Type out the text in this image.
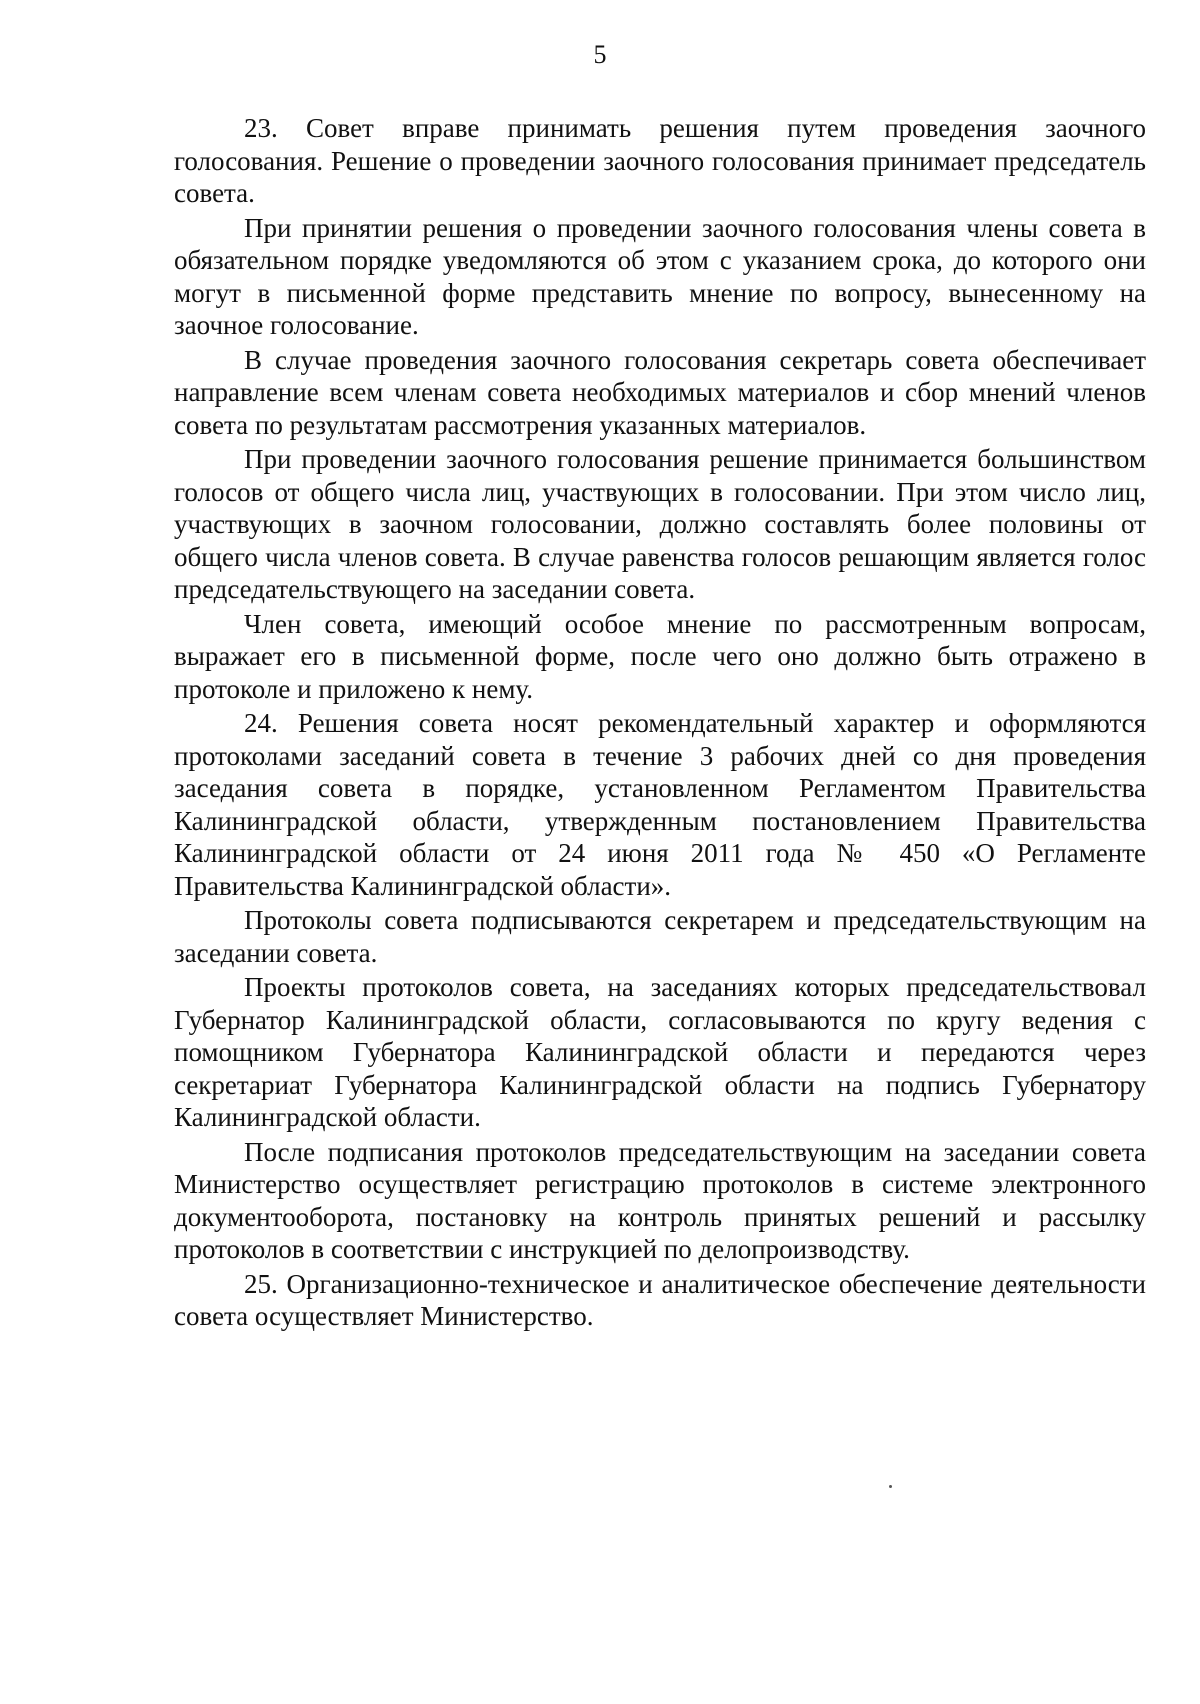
5

23. Совет вправе принимать решения путем проведения заочного голосования. Решение о проведении заочного голосования принимает председатель совета.

При принятии решения о проведении заочного голосования члены совета в обязательном порядке уведомляются об этом с указанием срока, до которого они могут в письменной форме представить мнение по вопросу, вынесенному на заочное голосование.

В случае проведения заочного голосования секретарь совета обеспечивает направление всем членам совета необходимых материалов и сбор мнений членов совета по результатам рассмотрения указанных материалов.

При проведении заочного голосования решение принимается большинством голосов от общего числа лиц, участвующих в голосовании. При этом число лиц, участвующих в заочном голосовании, должно составлять более половины от общего числа членов совета. В случае равенства голосов решающим является голос председательствующего на заседании совета.

Член совета, имеющий особое мнение по рассмотренным вопросам, выражает его в письменной форме, после чего оно должно быть отражено в протоколе и приложено к нему.

24. Решения совета носят рекомендательный характер и оформляются протоколами заседаний совета в течение 3 рабочих дней со дня проведения заседания совета в порядке, установленном Регламентом Правительства Калининградской области, утвержденным постановлением Правительства Калининградской области от 24 июня 2011 года № 450 «О Регламенте Правительства Калининградской области».

Протоколы совета подписываются секретарем и председательствующим на заседании совета.

Проекты протоколов совета, на заседаниях которых председательствовал Губернатор Калининградской области, согласовываются по кругу ведения с помощником Губернатора Калининградской области и передаются через секретариат Губернатора Калининградской области на подпись Губернатору Калининградской области.

После подписания протоколов председательствующим на заседании совета Министерство осуществляет регистрацию протоколов в системе электронного документооборота, постановку на контроль принятых решений и рассылку протоколов в соответствии с инструкцией по делопроизводству.

25. Организационно-техническое и аналитическое обеспечение деятельности совета осуществляет Министерство.
